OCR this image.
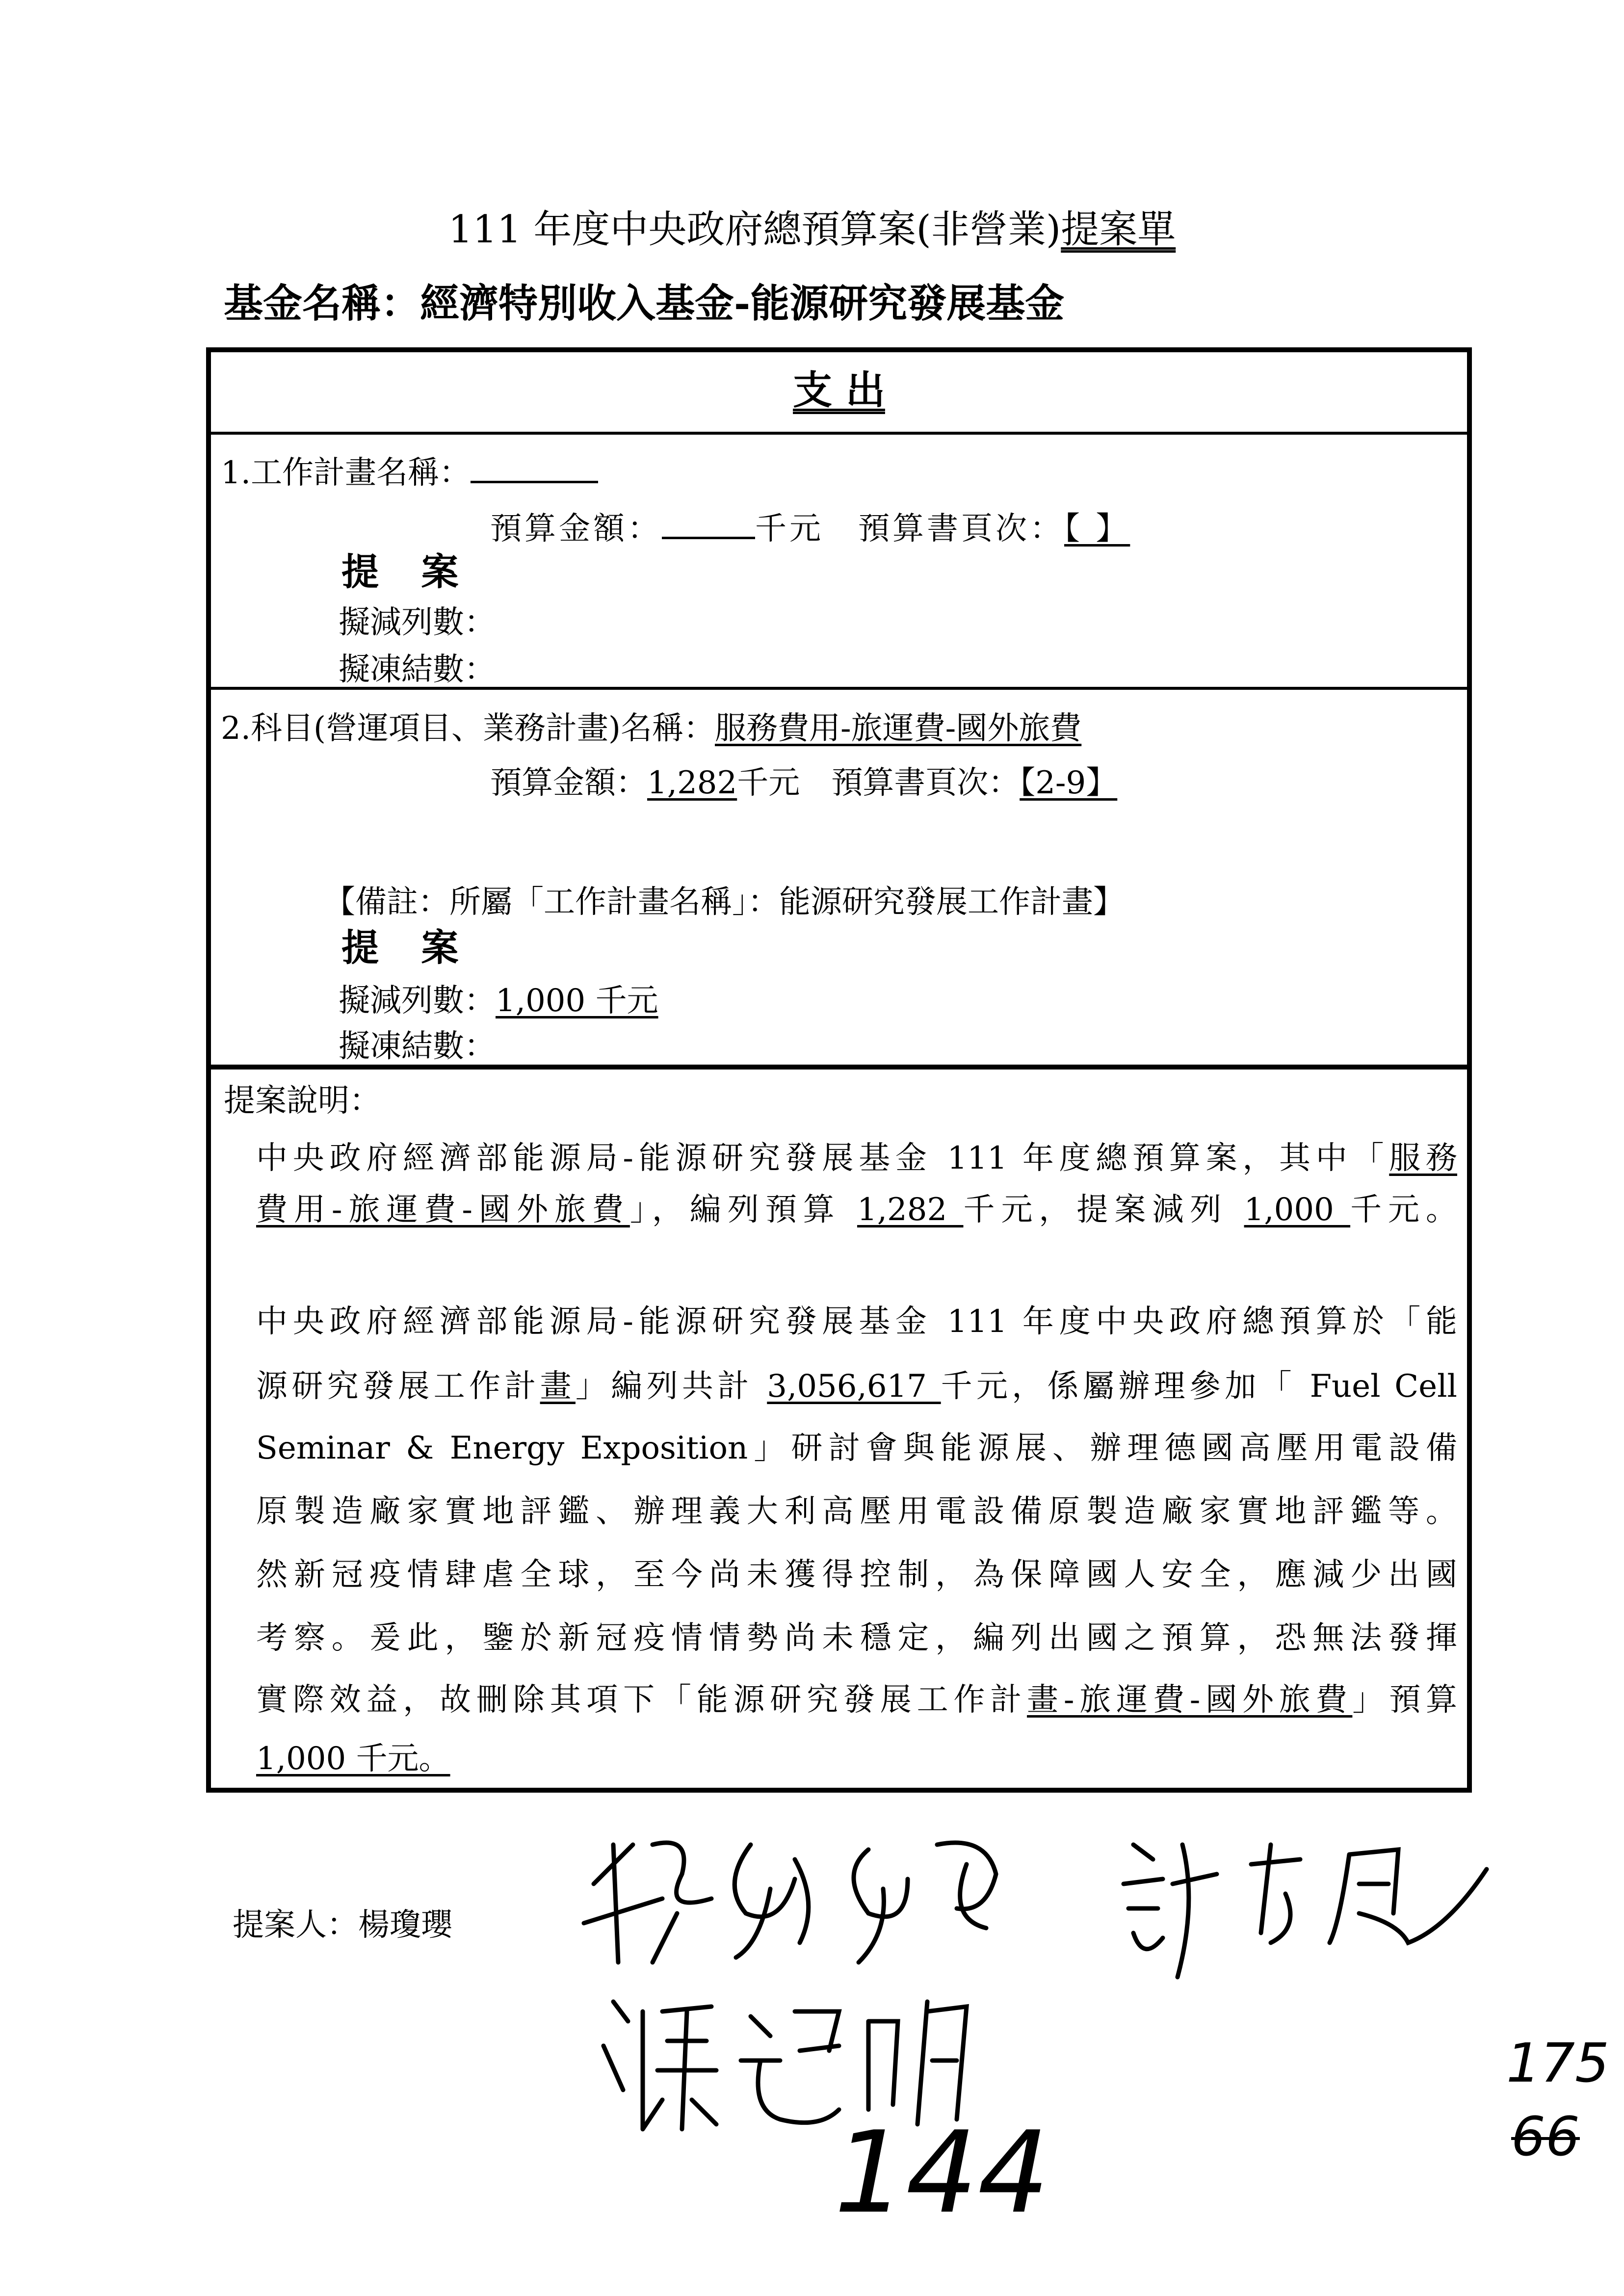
111 年度中央政府總預算案(非營業)提案單
基金名稱：經濟特別收入基金-能源研究發展基金
支 出
1.工作計畫名稱：
預算金額：	千元　預算書頁次：【 】
提 案
擬減列數：
擬凍結數：
2.科目(營運項目、業務計畫)名稱：服務費用-旅運費-國外旅費
預算金額：1,282千元　預算書頁次：【2-9】
【備註：所屬「工作計畫名稱」：能源研究發展工作計畫】
提 案
擬減列數：1,000 千元
擬凍結數：
提案說明：
中央政府經濟部能源局-能源研究發展基金 111 年度總預算案，其中「服務
費用-旅運費-國外旅費」，編列預算 1,282 千元，提案減列 1,000 千元。
中央政府經濟部能源局-能源研究發展基金 111 年度中央政府總預算於「能
源研究發展工作計畫」編列共計 3,056,617 千元，係屬辦理參加「 Fuel Cell
Seminar & Energy Exposition」研討會與能源展、辦理德國高壓用電設備
原製造廠家實地評鑑、辦理義大利高壓用電設備原製造廠家實地評鑑等。
然新冠疫情肆虐全球，至今尚未獲得控制，為保障國人安全，應減少出國
考察。爰此，鑒於新冠疫情情勢尚未穩定，編列出國之預算，恐無法發揮
實際效益，故刪除其項下「能源研究發展工作計畫-旅運費-國外旅費」預算
1,000 千元。
提案人：楊瓊瓔
144
175
66
